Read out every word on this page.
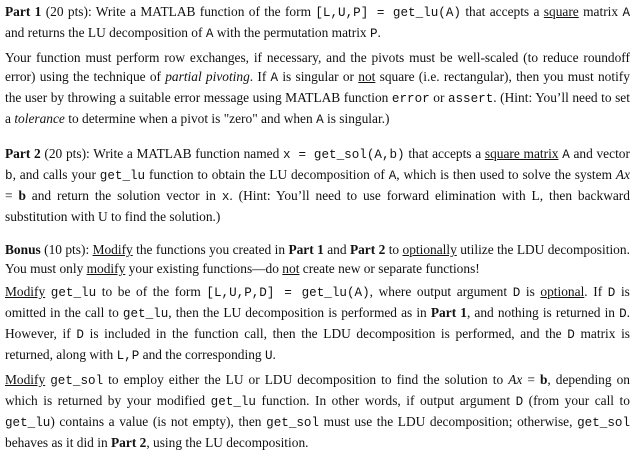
Part 1 (20 pts): Write a MATLAB function of the form [L,U,P] = get_lu(A) that accepts a square matrix A and returns the LU decomposition of A with the permutation matrix P.

Your function must perform row exchanges, if necessary, and the pivots must be well-scaled (to reduce roundoff error) using the technique of partial pivoting. If A is singular or not square (i.e. rectangular), then you must notify the user by throwing a suitable error message using MATLAB function error or assert. (Hint: You’ll need to set a tolerance to determine when a pivot is "zero" and when A is singular.)

Part 2 (20 pts): Write a MATLAB function named x = get_sol(A,b) that accepts a square matrix A and vector b, and calls your get_lu function to obtain the LU decomposition of A, which is then used to solve the system Ax = b and return the solution vector in x. (Hint: You’ll need to use forward elimination with L, then backward substitution with U to find the solution.)

Bonus (10 pts): Modify the functions you created in Part 1 and Part 2 to optionally utilize the LDU decomposition. You must only modify your existing functions—do not create new or separate functions!

Modify get_lu to be of the form [L,U,P,D] = get_lu(A), where output argument D is optional. If D is omitted in the call to get_lu, then the LU decomposition is performed as in Part 1, and nothing is returned in D. However, if D is included in the function call, then the LDU decomposition is performed, and the D matrix is returned, along with L,P and the corresponding U.

Modify get_sol to employ either the LU or LDU decomposition to find the solution to Ax = b, depending on which is returned by your modified get_lu function. In other words, if output argument D (from your call to get_lu) contains a value (is not empty), then get_sol must use the LDU decomposition; otherwise, get_sol behaves as it did in Part 2, using the LU decomposition.
